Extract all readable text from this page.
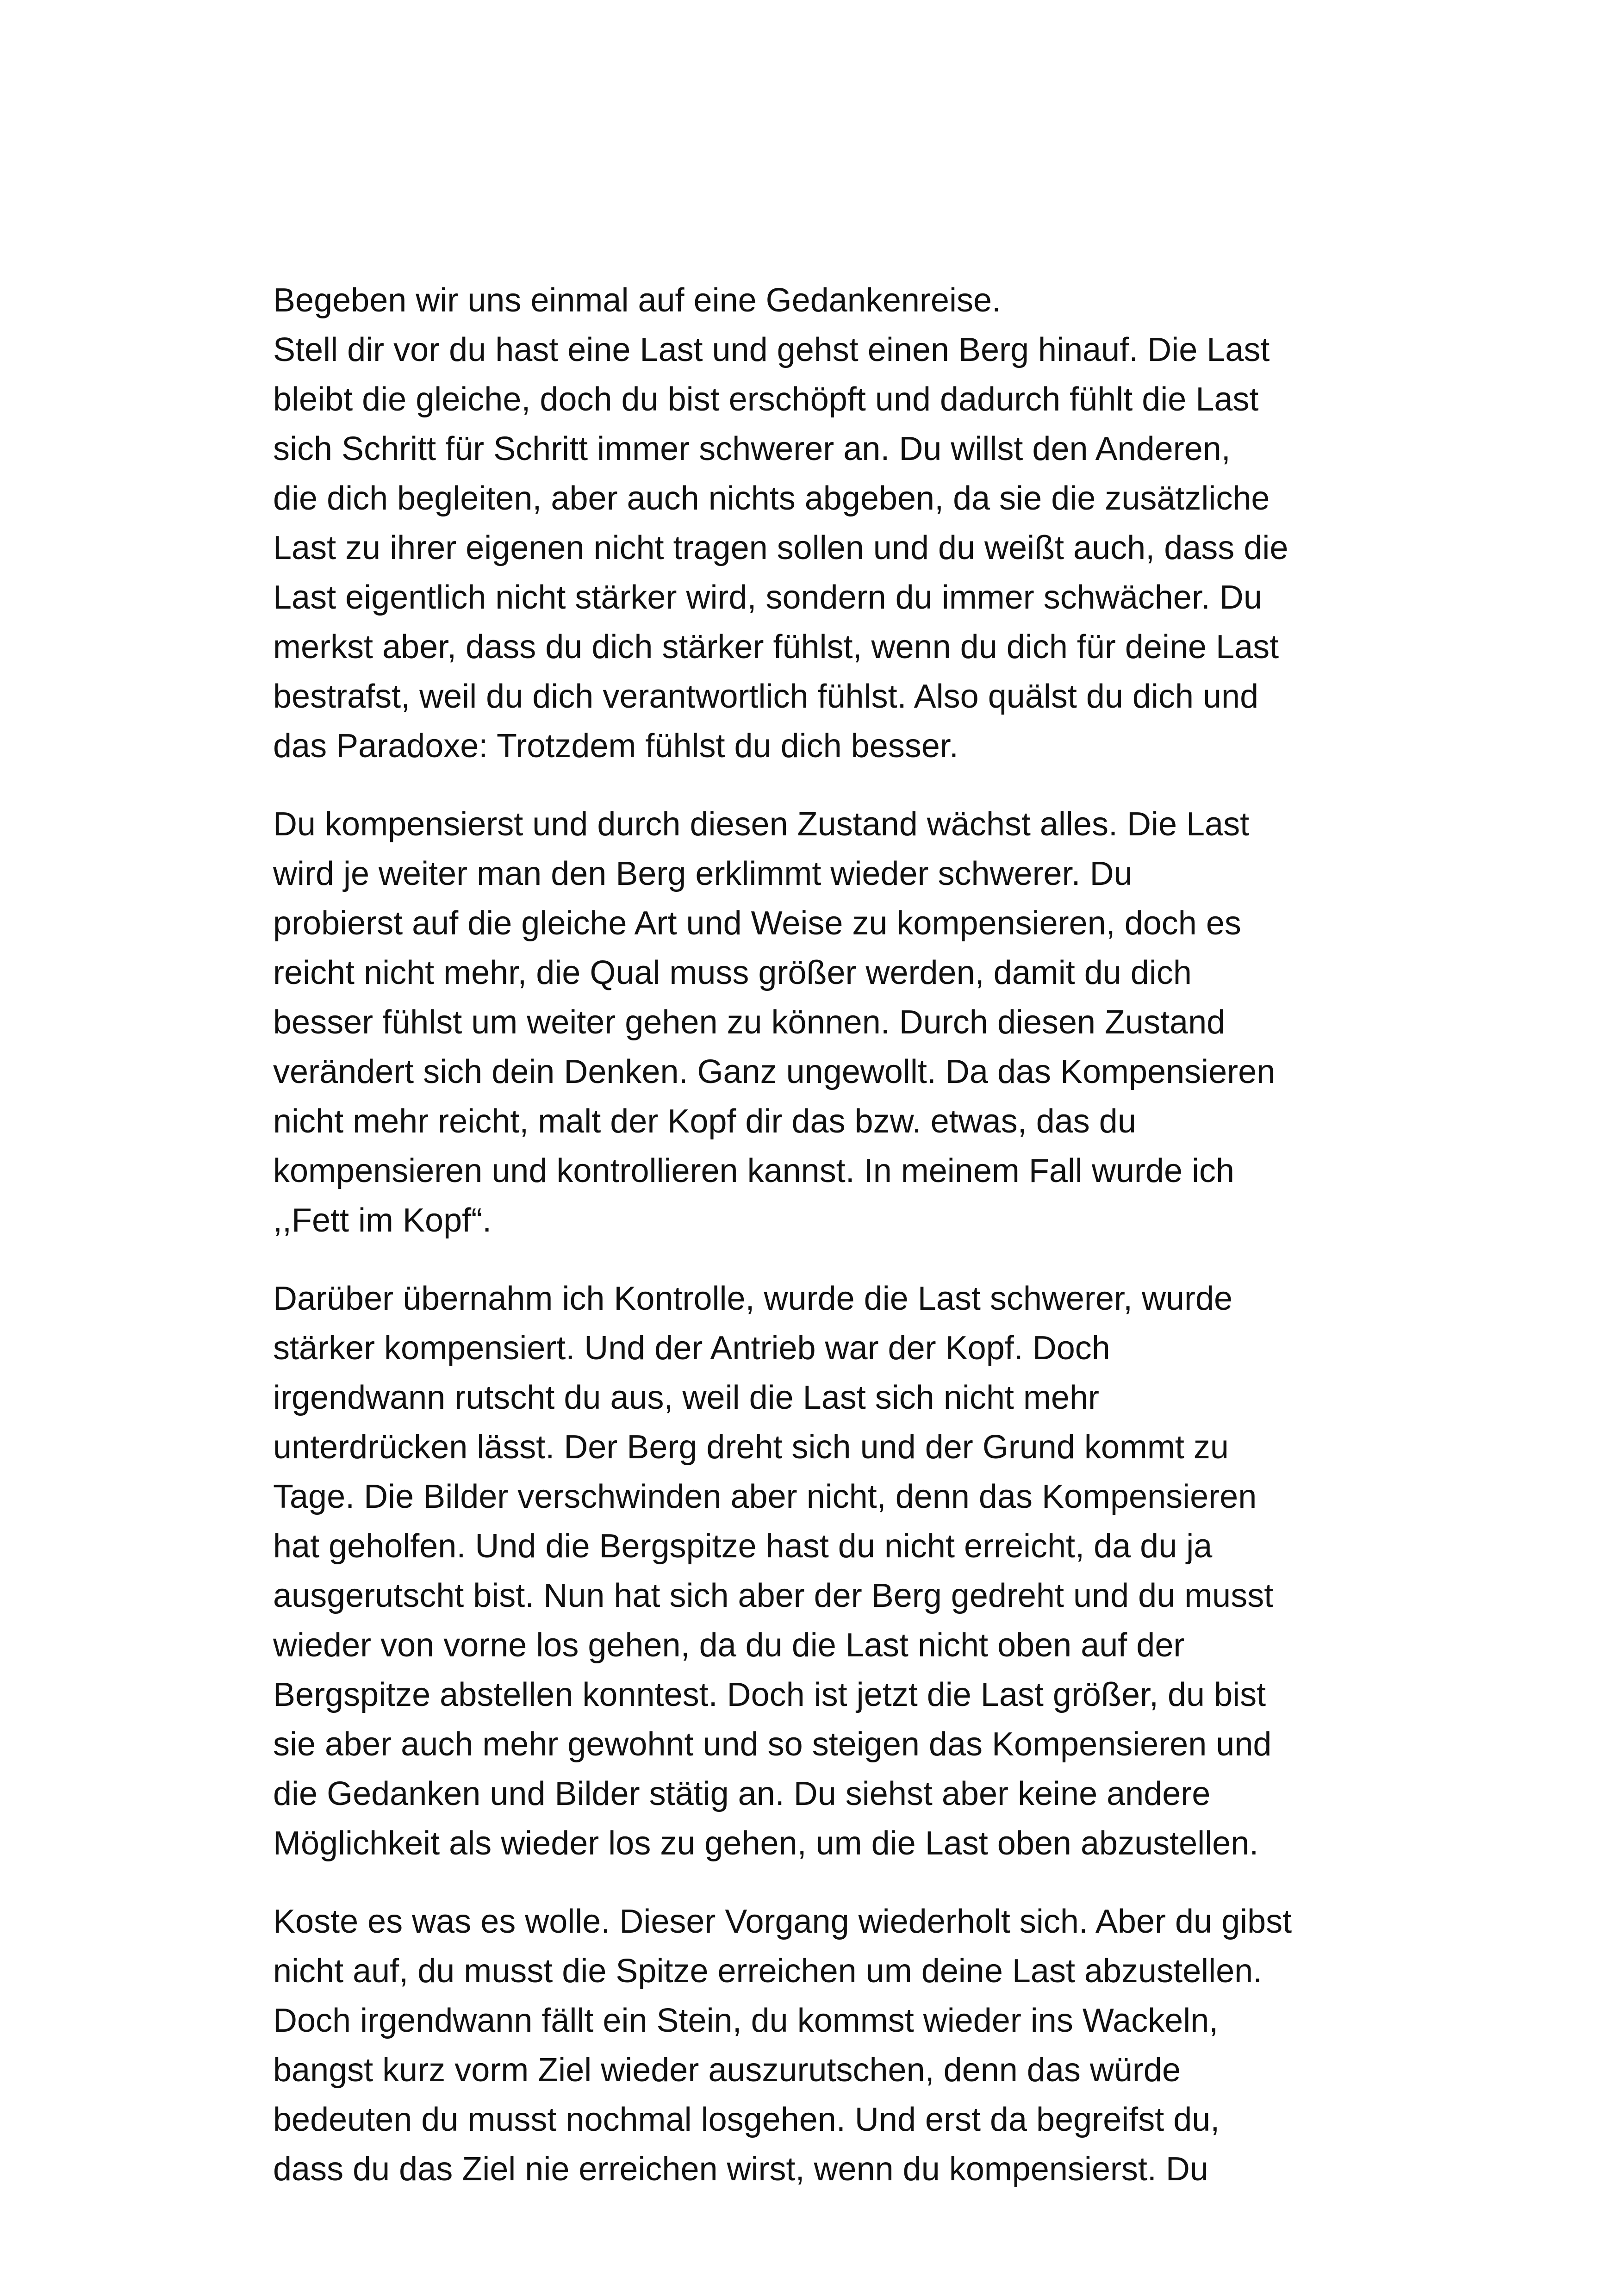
Begeben wir uns einmal auf eine Gedankenreise.
Stell dir vor du hast eine Last und gehst einen Berg hinauf. Die Last
bleibt die gleiche, doch du bist erschöpft und dadurch fühlt die Last
sich Schritt für Schritt immer schwerer an. Du willst den Anderen,
die dich begleiten, aber auch nichts abgeben, da sie die zusätzliche
Last zu ihrer eigenen nicht tragen sollen und du weißt auch, dass die
Last eigentlich nicht stärker wird, sondern du immer schwächer. Du
merkst aber, dass du dich stärker fühlst, wenn du dich für deine Last
bestrafst, weil du dich verantwortlich fühlst. Also quälst du dich und
das Paradoxe: Trotzdem fühlst du dich besser.

Du kompensierst und durch diesen Zustand wächst alles. Die Last
wird je weiter man den Berg erklimmt wieder schwerer. Du
probierst auf die gleiche Art und Weise zu kompensieren, doch es
reicht nicht mehr, die Qual muss größer werden, damit du dich
besser fühlst um weiter gehen zu können. Durch diesen Zustand
verändert sich dein Denken. Ganz ungewollt. Da das Kompensieren
nicht mehr reicht, malt der Kopf dir das bzw. etwas, das du
kompensieren und kontrollieren kannst. In meinem Fall wurde ich
,,Fett im Kopf“.

Darüber übernahm ich Kontrolle, wurde die Last schwerer, wurde
stärker kompensiert. Und der Antrieb war der Kopf. Doch
irgendwann rutscht du aus, weil die Last sich nicht mehr
unterdrücken lässt. Der Berg dreht sich und der Grund kommt zu
Tage. Die Bilder verschwinden aber nicht, denn das Kompensieren
hat geholfen. Und die Bergspitze hast du nicht erreicht, da du ja
ausgerutscht bist. Nun hat sich aber der Berg gedreht und du musst
wieder von vorne los gehen, da du die Last nicht oben auf der
Bergspitze abstellen konntest. Doch ist jetzt die Last größer, du bist
sie aber auch mehr gewohnt und so steigen das Kompensieren und
die Gedanken und Bilder stätig an. Du siehst aber keine andere
Möglichkeit als wieder los zu gehen, um die Last oben abzustellen.

Koste es was es wolle. Dieser Vorgang wiederholt sich. Aber du gibst
nicht auf, du musst die Spitze erreichen um deine Last abzustellen.
Doch irgendwann fällt ein Stein, du kommst wieder ins Wackeln,
bangst kurz vorm Ziel wieder auszurutschen, denn das würde
bedeuten du musst nochmal losgehen. Und erst da begreifst du,
dass du das Ziel nie erreichen wirst, wenn du kompensierst. Du
